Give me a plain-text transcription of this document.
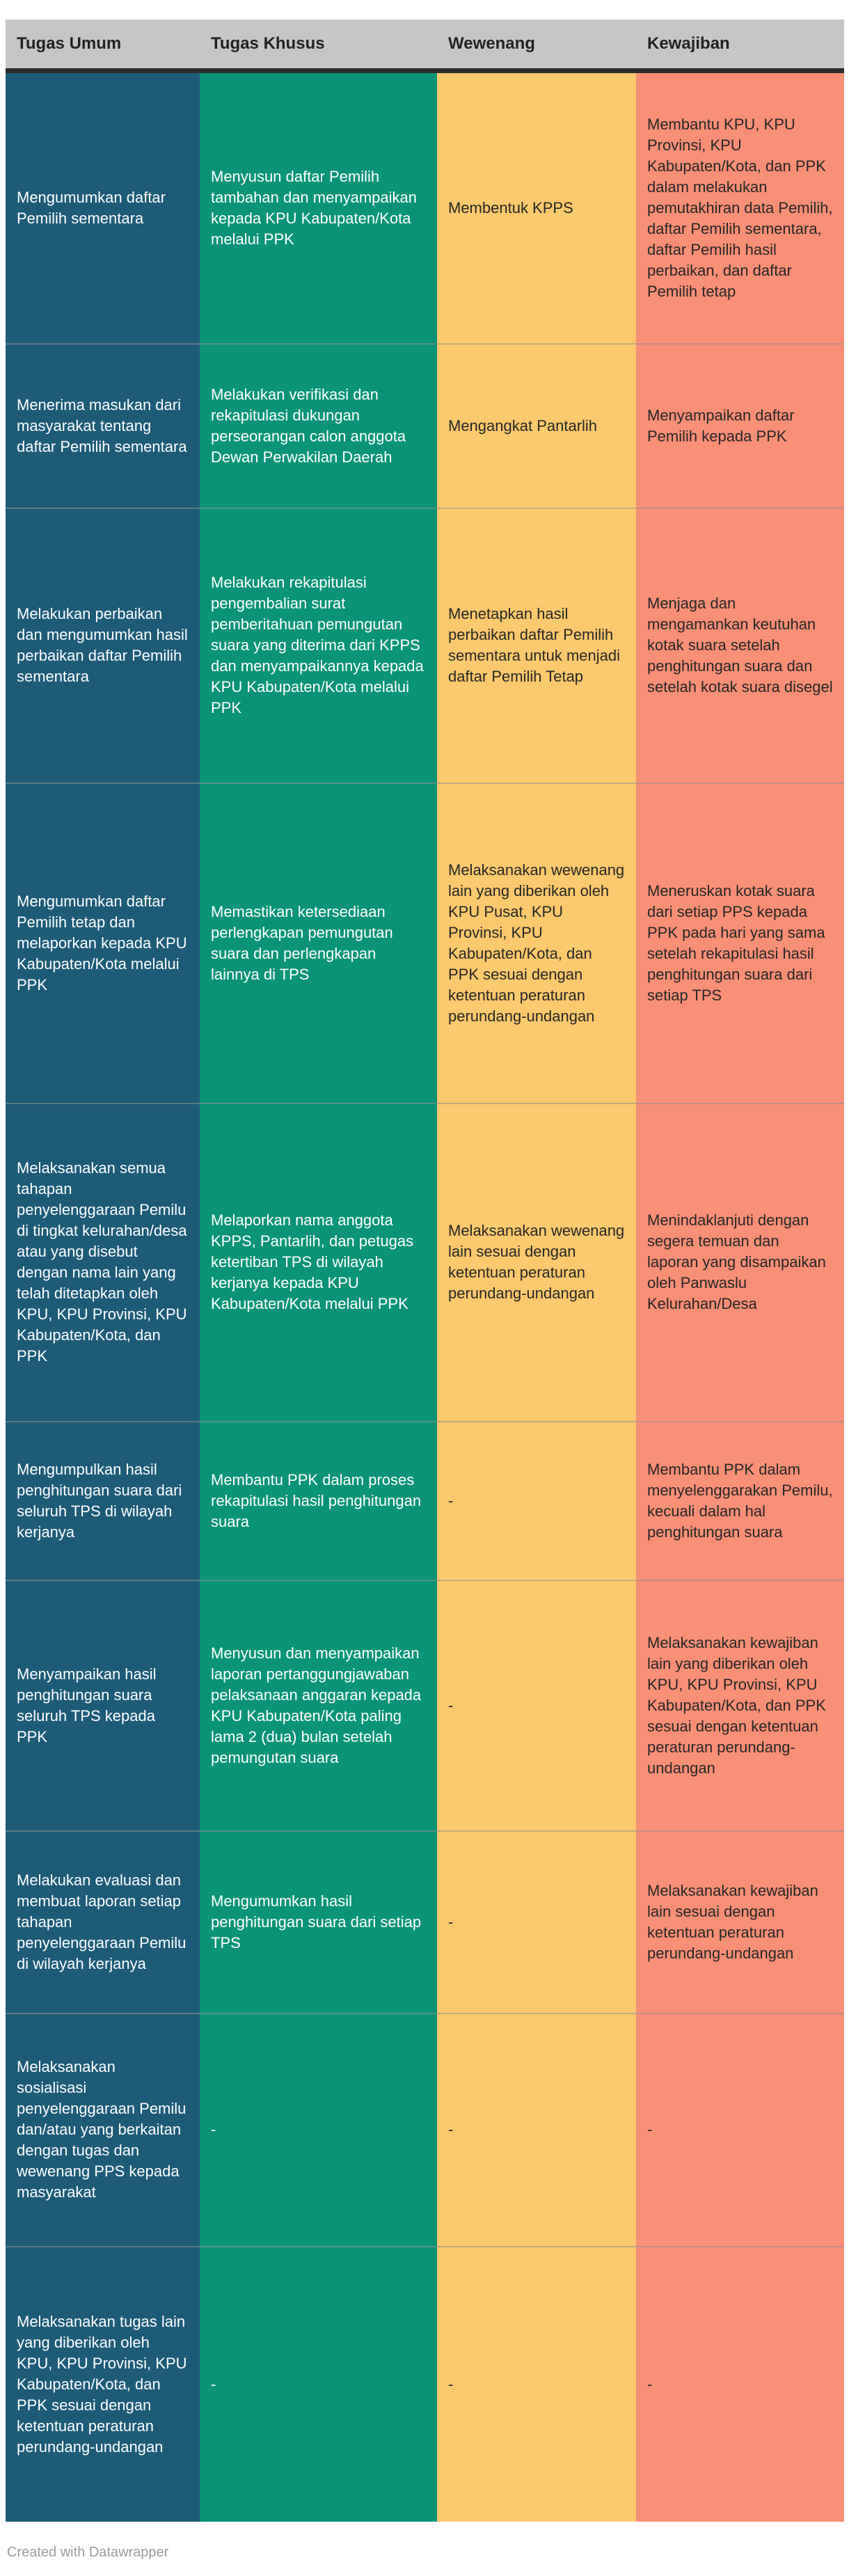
Tugas Umum	Tugas Khusus	Wewenang	Kewajiban
Mengumumkan daftar Pemilih sementara	Menyusun daftar Pemilih tambahan dan menyampaikan kepada KPU Kabupaten/Kota melalui PPK	Membentuk KPPS	Membantu KPU, KPU Provinsi, KPU Kabupaten/Kota, dan PPK dalam melakukan pemutakhiran data Pemilih, daftar Pemilih sementara, daftar Pemilih hasil perbaikan, dan daftar Pemilih tetap
Menerima masukan dari masyarakat tentang daftar Pemilih sementara	Melakukan verifikasi dan rekapitulasi dukungan perseorangan calon anggota Dewan Perwakilan Daerah	Mengangkat Pantarlih	Menyampaikan daftar Pemilih kepada PPK
Melakukan perbaikan dan mengumumkan hasil perbaikan daftar Pemilih sementara	Melakukan rekapitulasi pengembalian surat pemberitahuan pemungutan suara yang diterima dari KPPS dan menyampaikannya kepada KPU Kabupaten/Kota melalui PPK	Menetapkan hasil perbaikan daftar Pemilih sementara untuk menjadi daftar Pemilih Tetap	Menjaga dan mengamankan keutuhan kotak suara setelah penghitungan suara dan setelah kotak suara disegel
Mengumumkan daftar Pemilih tetap dan melaporkan kepada KPU Kabupaten/Kota melalui PPK	Memastikan ketersediaan perlengkapan pemungutan suara dan perlengkapan lainnya di TPS	Melaksanakan wewenang lain yang diberikan oleh KPU Pusat, KPU Provinsi, KPU Kabupaten/Kota, dan PPK sesuai dengan ketentuan peraturan perundang-undangan	Meneruskan kotak suara dari setiap PPS kepada PPK pada hari yang sama setelah rekapitulasi hasil penghitungan suara dari setiap TPS
Melaksanakan semua tahapan penyelenggaraan Pemilu di tingkat kelurahan/desa atau yang disebut dengan nama lain yang telah ditetapkan oleh KPU, KPU Provinsi, KPU Kabupaten/Kota, dan PPK	Melaporkan nama anggota KPPS, Pantarlih, dan petugas ketertiban TPS di wilayah kerjanya kepada KPU Kabupaten/Kota melalui PPK	Melaksanakan wewenang lain sesuai dengan ketentuan peraturan perundang-undangan	Menindaklanjuti dengan segera temuan dan laporan yang disampaikan oleh Panwaslu Kelurahan/Desa
Mengumpulkan hasil penghitungan suara dari seluruh TPS di wilayah kerjanya	Membantu PPK dalam proses rekapitulasi hasil penghitungan suara	-	Membantu PPK dalam menyelenggarakan Pemilu, kecuali dalam hal penghitungan suara
Menyampaikan hasil penghitungan suara seluruh TPS kepada PPK	Menyusun dan menyampaikan laporan pertanggungjawaban pelaksanaan anggaran kepada KPU Kabupaten/Kota paling lama 2 (dua) bulan setelah pemungutan suara	-	Melaksanakan kewajiban lain yang diberikan oleh KPU, KPU Provinsi, KPU Kabupaten/Kota, dan PPK sesuai dengan ketentuan peraturan perundang-undangan
Melakukan evaluasi dan membuat laporan setiap tahapan penyelenggaraan Pemilu di wilayah kerjanya	Mengumumkan hasil penghitungan suara dari setiap TPS	-	Melaksanakan kewajiban lain sesuai dengan ketentuan peraturan perundang-undangan
Melaksanakan sosialisasi penyelenggaraan Pemilu dan/atau yang berkaitan dengan tugas dan wewenang PPS kepada masyarakat	-	-	-
Melaksanakan tugas lain yang diberikan oleh KPU, KPU Provinsi, KPU Kabupaten/Kota, dan PPK sesuai dengan ketentuan peraturan perundang-undangan	-	-	-
Created with Datawrapper
